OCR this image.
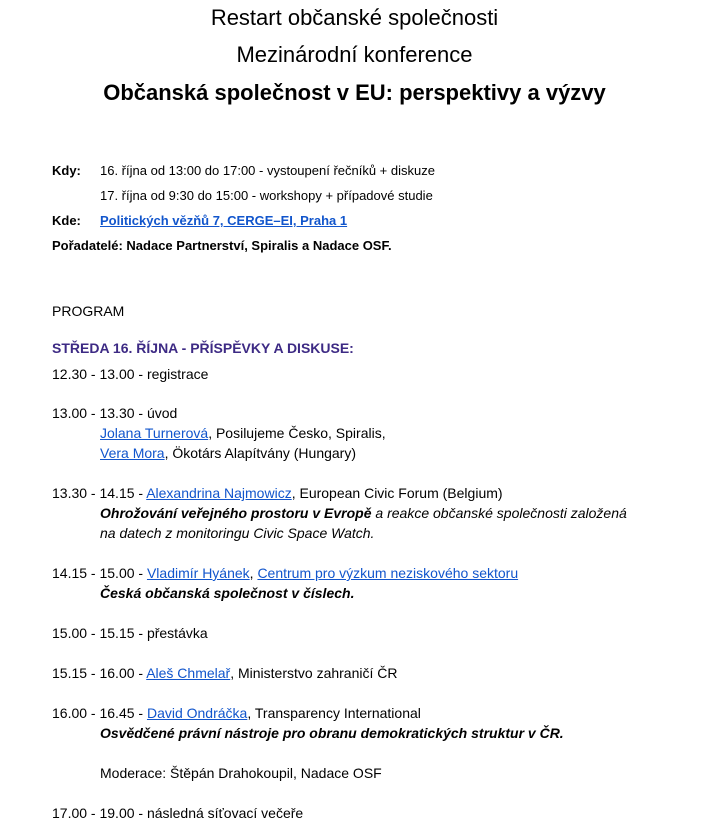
Restart občanské společnosti
Mezinárodní konference
Občanská společnost v EU: perspektivy a výzvy
Kdy: 16. října od 13:00 do 17:00 - vystoupení řečníků + diskuze
17. října od 9:30 do 15:00 - workshopy + případové studie
Kde: Politických vězňů 7, CERGE–EI, Praha 1
Pořadatelé: Nadace Partnerství, Spiralis a Nadace OSF.
PROGRAM
STŘEDA 16. ŘÍJNA - PŘÍSPĚVKY A DISKUSE:
12.30 - 13.00 - registrace
13.00 - 13.30 - úvod
Jolana Turnerová, Posilujeme Česko, Spiralis,
Vera Mora, Ökotárs Alapítvány (Hungary)
13.30 - 14.15 - Alexandrina Najmowicz, European Civic Forum (Belgium)
Ohrožování veřejného prostoru v Evropě a reakce občanské společnosti založená
na datech z monitoringu Civic Space Watch.
14.15 - 15.00 - Vladimír Hyánek, Centrum pro výzkum neziskového sektoru
Česká občanská společnost v číslech.
15.00 - 15.15 - přestávka
15.15 - 16.00 - Aleš Chmelař, Ministerstvo zahraničí ČR
16.00 - 16.45 - David Ondráčka, Transparency International
Osvědčené právní nástroje pro obranu demokratických struktur v ČR.
Moderace: Štěpán Drahokoupil, Nadace OSF
17.00 - 19.00 - následná síťovací večeře
